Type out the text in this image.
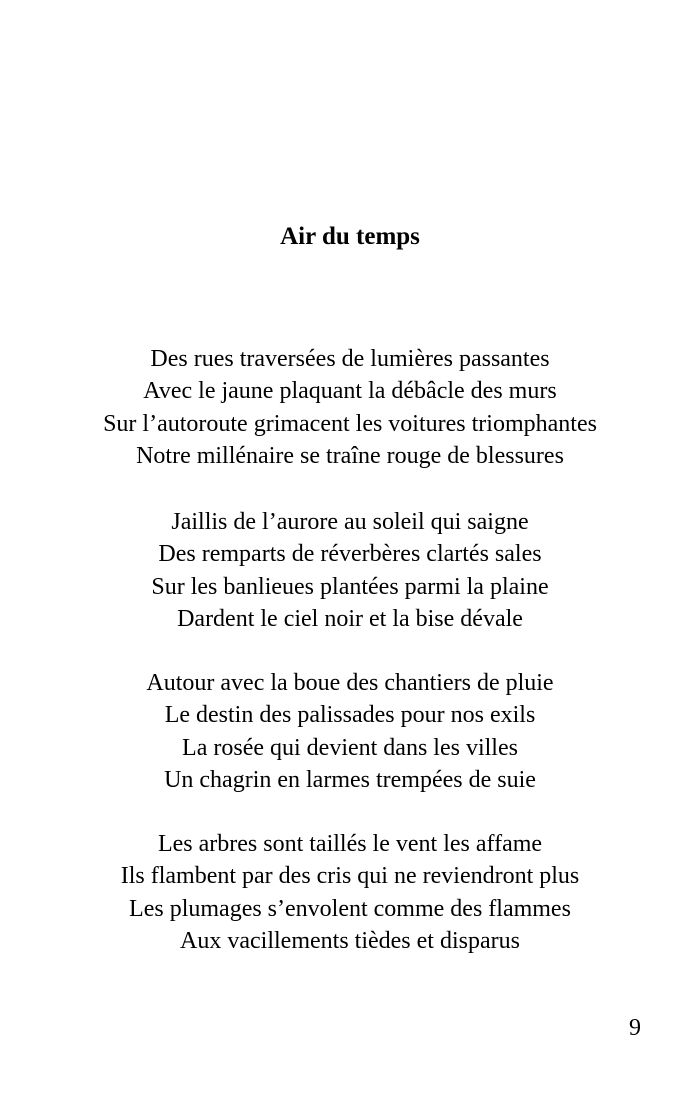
Air du temps
Des rues traversées de lumières passantes
Avec le jaune plaquant la débâcle des murs
Sur l’autoroute grimacent les voitures triomphantes
Notre millénaire se traîne rouge de blessures
Jaillis de l’aurore au soleil qui saigne
Des remparts de réverbères clartés sales
Sur les banlieues plantées parmi la plaine
Dardent le ciel noir et la bise dévale
Autour avec la boue des chantiers de pluie
Le destin des palissades pour nos exils
La rosée qui devient dans les villes
Un chagrin en larmes trempées de suie
Les arbres sont taillés le vent les affame
Ils flambent par des cris qui ne reviendront plus
Les plumages s’envolent comme des flammes
Aux vacillements tièdes et disparus

9
